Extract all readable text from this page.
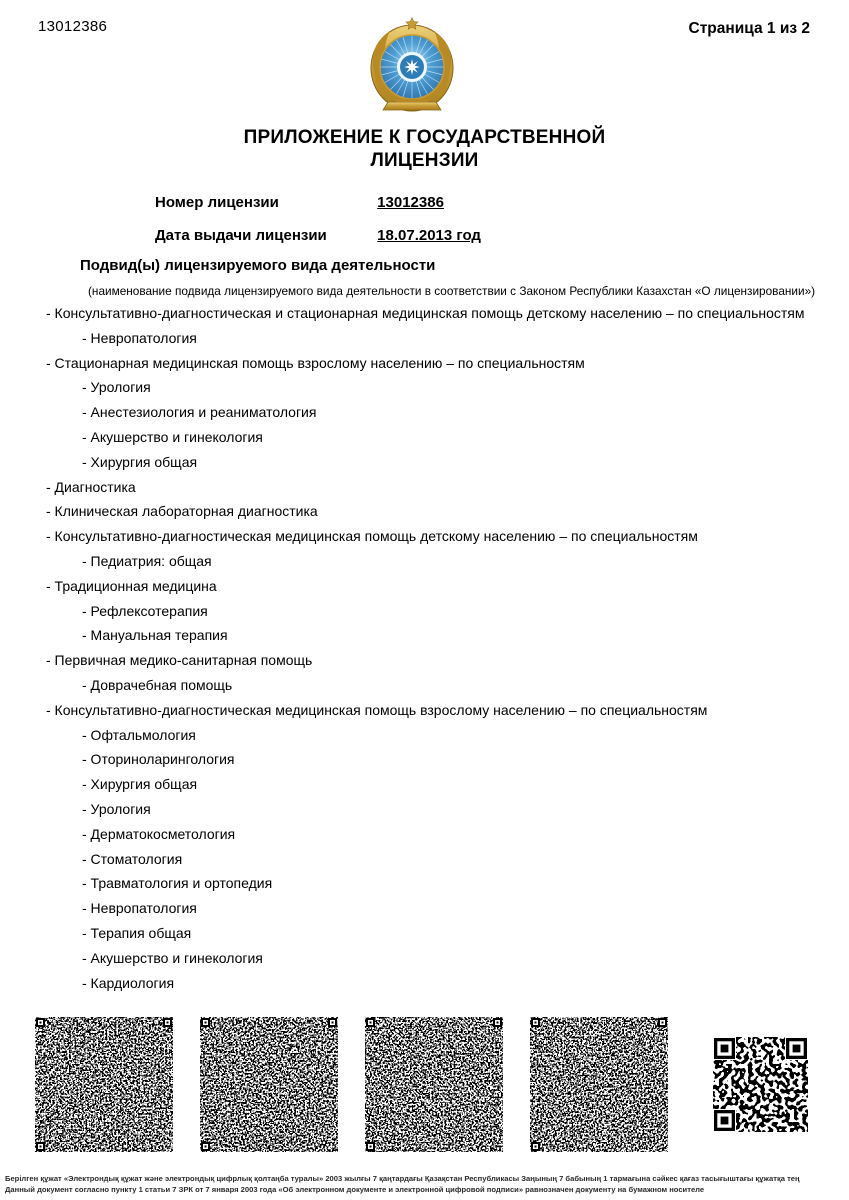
13012386	Страница 1 из 2
ПРИЛОЖЕНИЕ К ГОСУДАРСТВЕННОЙ ЛИЦЕНЗИИ
Номер лицензии	13012386
Дата выдачи лицензии	18.07.2013 год
Подвид(ы) лицензируемого вида деятельности
(наименование подвида лицензируемого вида деятельности в соответствии с Законом Республики Казахстан «О лицензировании»)
- Консультативно-диагностическая и стационарная медицинская помощь детскому населению – по специальностям
- Невропатология
- Стационарная медицинская помощь взрослому населению – по специальностям
- Урология
- Анестезиология и реаниматология
- Акушерство и гинекология
- Хирургия общая
- Диагностика
- Клиническая лабораторная диагностика
- Консультативно-диагностическая медицинская помощь детскому населению – по специальностям
- Педиатрия: общая
- Традиционная медицина
- Рефлексотерапия
- Мануальная терапия
- Первичная медико-санитарная помощь
- Доврачебная помощь
- Консультативно-диагностическая медицинская помощь взрослому населению – по специальностям
- Офтальмология
- Оториноларингология
- Хирургия общая
- Урология
- Дерматокосметология
- Стоматология
- Травматология и ортопедия
- Невропатология
- Терапия общая
- Акушерство и гинекология
- Кардиология
Берілген құжат «Электрондық құжат және электрондық цифрлық қолтаңба туралы» 2003 жылғы 7 қаңтардағы Қазақстан Республикасы Заңының 7 бабының 1 тармағына сәйкес қағаз тасығыштағы құжатқа тең
Данный документ согласно пункту 1 статьи 7 ЗРК от 7 января 2003 года «Об электронном документе и электронной цифровой подписи» равнозначен документу на бумажном носителе
